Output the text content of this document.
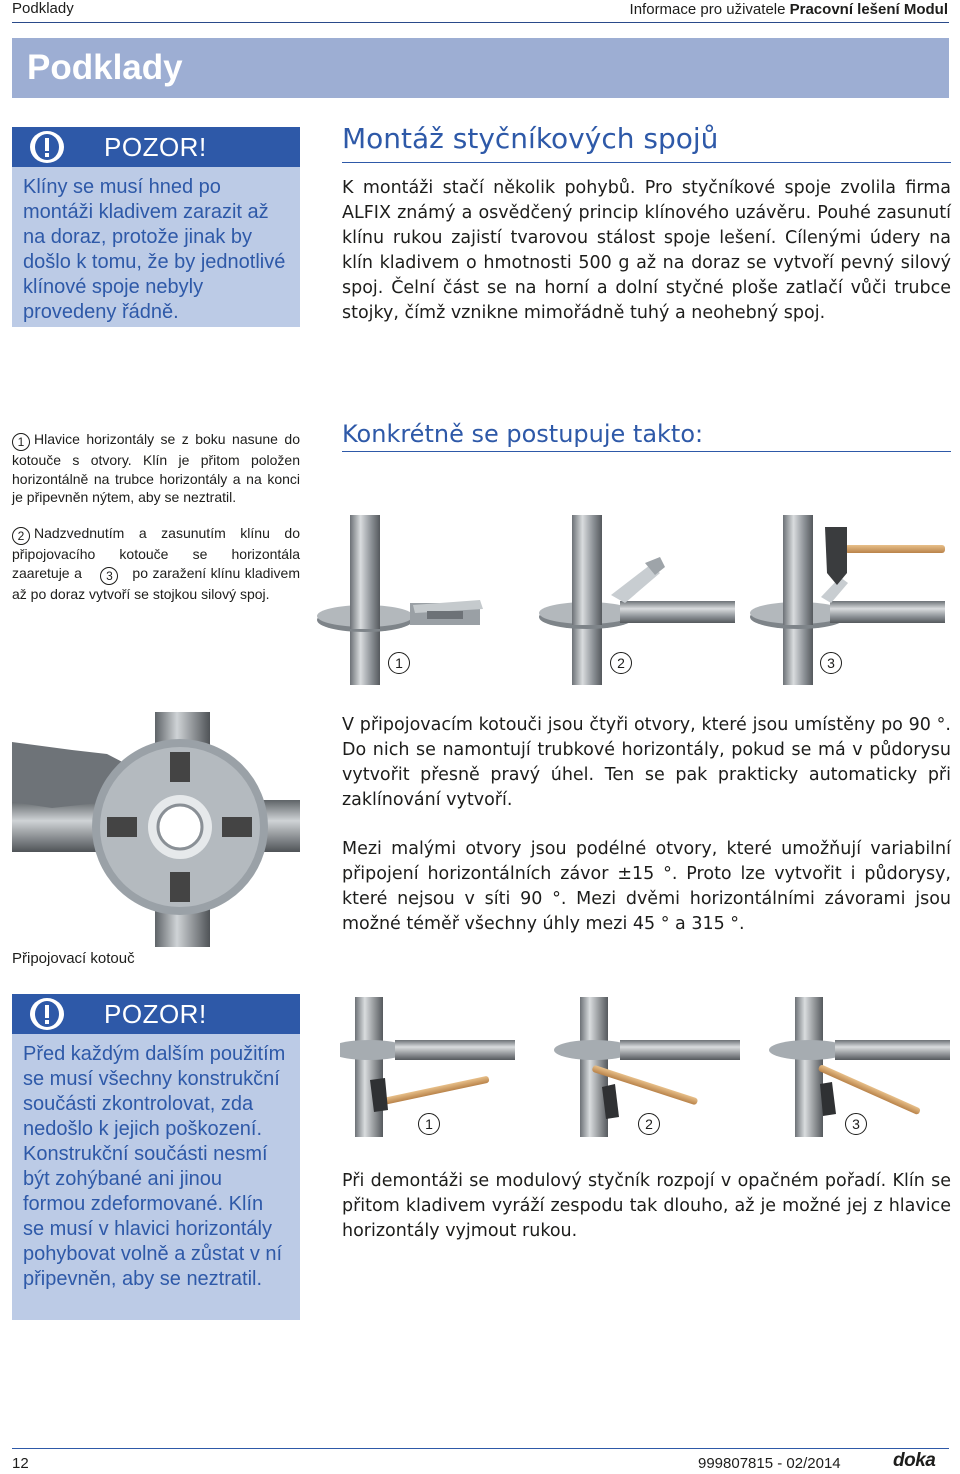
Podklady	Informace pro uživatele Pracovní lešení Modul
Podklady
POZOR!
Klíny se musí hned po montáži kladivem zarazit až na doraz, protože jinak by došlo k tomu, že by jednotlivé klínové spoje nebyly provedeny řádně.
Montáž styčníkových spojů
K montáži stačí několik pohybů. Pro styčníkové spoje zvolila firma ALFIX známý a osvědčený princip klínového uzávěru. Pouhé zasunutí klínu rukou zajistí tvarovou stálost spoje lešení. Cílenými údery na klín kladivem o hmotnosti 500 g až na doraz se vytvoří pevný silový spoj. Čelní část se na horní a dolní styčné ploše zatlačí vůči trubce stojky, čímž vznikne mimořádně tuhý a neohebný spoj.
1 Hlavice horizontály se z boku nasune do kotouče s otvory. Klín je přitom položen horizontálně na trubce horizontály a na konci je připevněn nýtem, aby se neztratil.
2 Nadzvednutím a zasunutím klínu do připojovacího kotouče se horizontála zaaretuje a 3 po zaražení klínu kladivem až po doraz vytvoří se stojkou silový spoj.
Konkrétně se postupuje takto:
1	2	3
Připojovací kotouč
V připojovacím kotouči jsou čtyři otvory, které jsou umístěny po 90 °. Do nich se namontují trubkové horizontály, pokud se má v půdorysu vytvořit přesně pravý úhel. Ten se pak prakticky automaticky při zaklínování vytvoří.
Mezi malými otvory jsou podélné otvory, které umožňují variabilní připojení horizontálních závor ±15 °. Proto lze vytvořit i půdorysy, které nejsou v síti 90 °. Mezi dvěmi horizontálními závorami jsou možné téměř všechny úhly mezi 45 ° a 315 °.
POZOR!
Před každým dalším použitím se musí všechny konstrukční součásti zkontrolovat, zda nedošlo k jejich poškození. Konstrukční součásti nesmí být zohýbané ani jinou formou zdeformované. Klín se musí v hlavici horizontály pohybovat volně a zůstat v ní připevněn, aby se neztratil.
1	2	3
Při demontáži se modulový styčník rozpojí v opačném pořadí. Klín se přitom kladivem vyráží zespodu tak dlouho, až je možné jej z hlavice horizontály vyjmout rukou.
12	999807815 - 02/2014	doka
